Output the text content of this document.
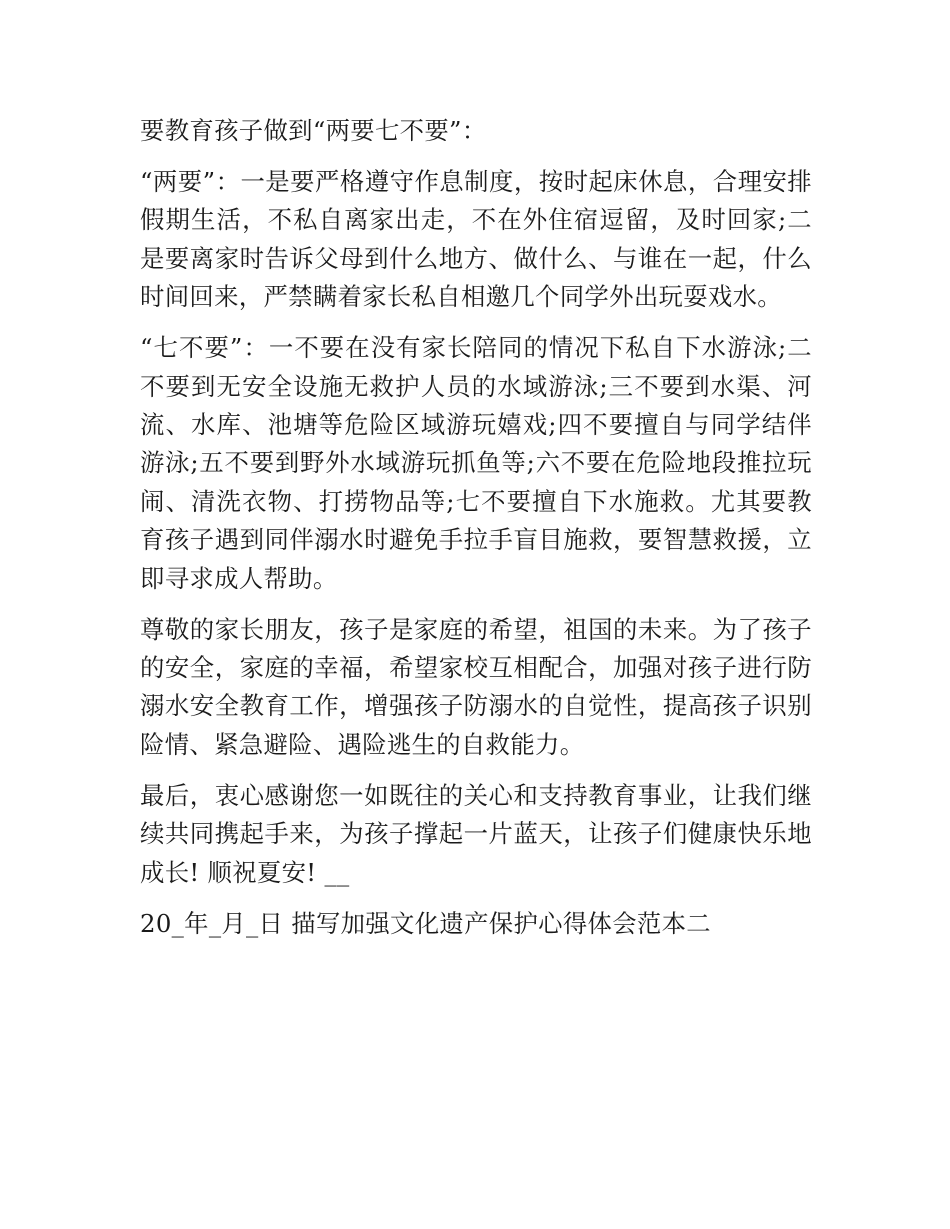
要教育孩子做到“两要七不要”：

“两要”：一是要严格遵守作息制度，按时起床休息，合理安排假期生活，不私自离家出走，不在外住宿逗留，及时回家;二是要离家时告诉父母到什么地方、做什么、与谁在一起，什么时间回来，严禁瞒着家长私自相邀几个同学外出玩耍戏水。

“七不要”：一不要在没有家长陪同的情况下私自下水游泳;二不要到无安全设施无救护人员的水域游泳;三不要到水渠、河流、水库、池塘等危险区域游玩嬉戏;四不要擅自与同学结伴游泳;五不要到野外水域游玩抓鱼等;六不要在危险地段推拉玩闹、清洗衣物、打捞物品等;七不要擅自下水施救。尤其要教育孩子遇到同伴溺水时避免手拉手盲目施救，要智慧救援，立即寻求成人帮助。

尊敬的家长朋友，孩子是家庭的希望，祖国的未来。为了孩子的安全，家庭的幸福，希望家校互相配合，加强对孩子进行防溺水安全教育工作，增强孩子防溺水的自觉性，提高孩子识别险情、紧急避险、遇险逃生的自救能力。

最后，衷心感谢您一如既往的关心和支持教育事业，让我们继续共同携起手来，为孩子撑起一片蓝天，让孩子们健康快乐地成长! 顺祝夏安! __

20_年_月_日 描写加强文化遗产保护心得体会范本二
